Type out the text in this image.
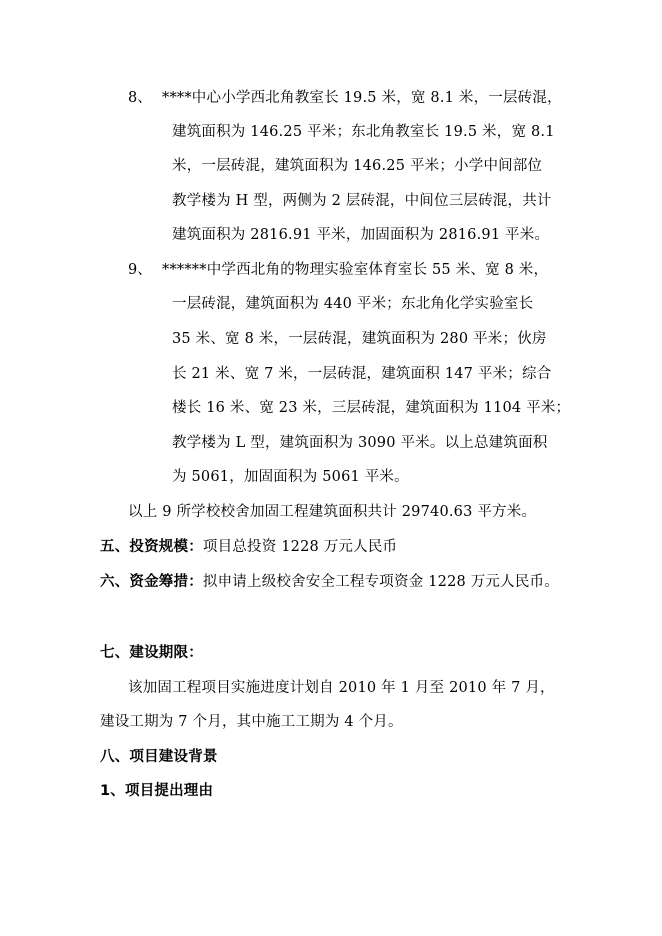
8、 ****中心小学西北角教室长 19.5 米，宽 8.1 米，一层砖混，
建筑面积为 146.25 平米；东北角教室长 19.5 米，宽 8.1
米，一层砖混，建筑面积为 146.25 平米；小学中间部位
教学楼为 H 型，两侧为 2 层砖混，中间位三层砖混，共计
建筑面积为 2816.91 平米，加固面积为 2816.91 平米。
9、 ******中学西北角的物理实验室体育室长 55 米、宽 8 米，
一层砖混，建筑面积为 440 平米；东北角化学实验室长
35 米、宽 8 米，一层砖混，建筑面积为 280 平米；伙房
长 21 米、宽 7 米，一层砖混，建筑面积 147 平米；综合
楼长 16 米、宽 23 米，三层砖混，建筑面积为 1104 平米；
教学楼为 L 型，建筑面积为 3090 平米。以上总建筑面积
为 5061，加固面积为 5061 平米。
以上 9 所学校校舍加固工程建筑面积共计 29740.63 平方米。
五、投资规模：项目总投资 1228 万元人民币
六、资金筹措：拟申请上级校舍安全工程专项资金 1228 万元人民币。
七、建设期限：
该加固工程项目实施进度计划自 2010 年 1 月至 2010 年 7 月，
建设工期为 7 个月，其中施工工期为 4 个月。
八、项目建设背景
1、项目提出理由
